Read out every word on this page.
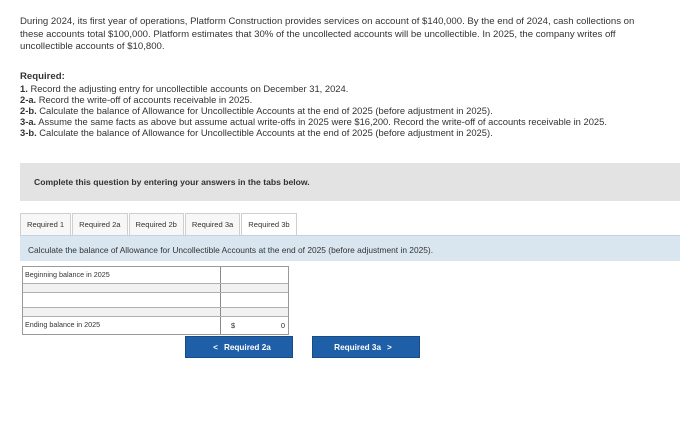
During 2024, its first year of operations, Platform Construction provides services on account of $140,000. By the end of 2024, cash collections on these accounts total $100,000. Platform estimates that 30% of the uncollected accounts will be uncollectible. In 2025, the company writes off uncollectible accounts of $10,800.
Required:
1. Record the adjusting entry for uncollectible accounts on December 31, 2024.
2-a. Record the write-off of accounts receivable in 2025.
2-b. Calculate the balance of Allowance for Uncollectible Accounts at the end of 2025 (before adjustment in 2025).
3-a. Assume the same facts as above but assume actual write-offs in 2025 were $16,200. Record the write-off of accounts receivable in 2025.
3-b. Calculate the balance of Allowance for Uncollectible Accounts at the end of 2025 (before adjustment in 2025).
Complete this question by entering your answers in the tabs below.
Required 1	Required 2a	Required 2b	Required 3a	Required 3b
Calculate the balance of Allowance for Uncollectible Accounts at the end of 2025 (before adjustment in 2025).
Beginning balance in 2025
Ending balance in 2025	$	0
< Required 2a	Required 3a >
